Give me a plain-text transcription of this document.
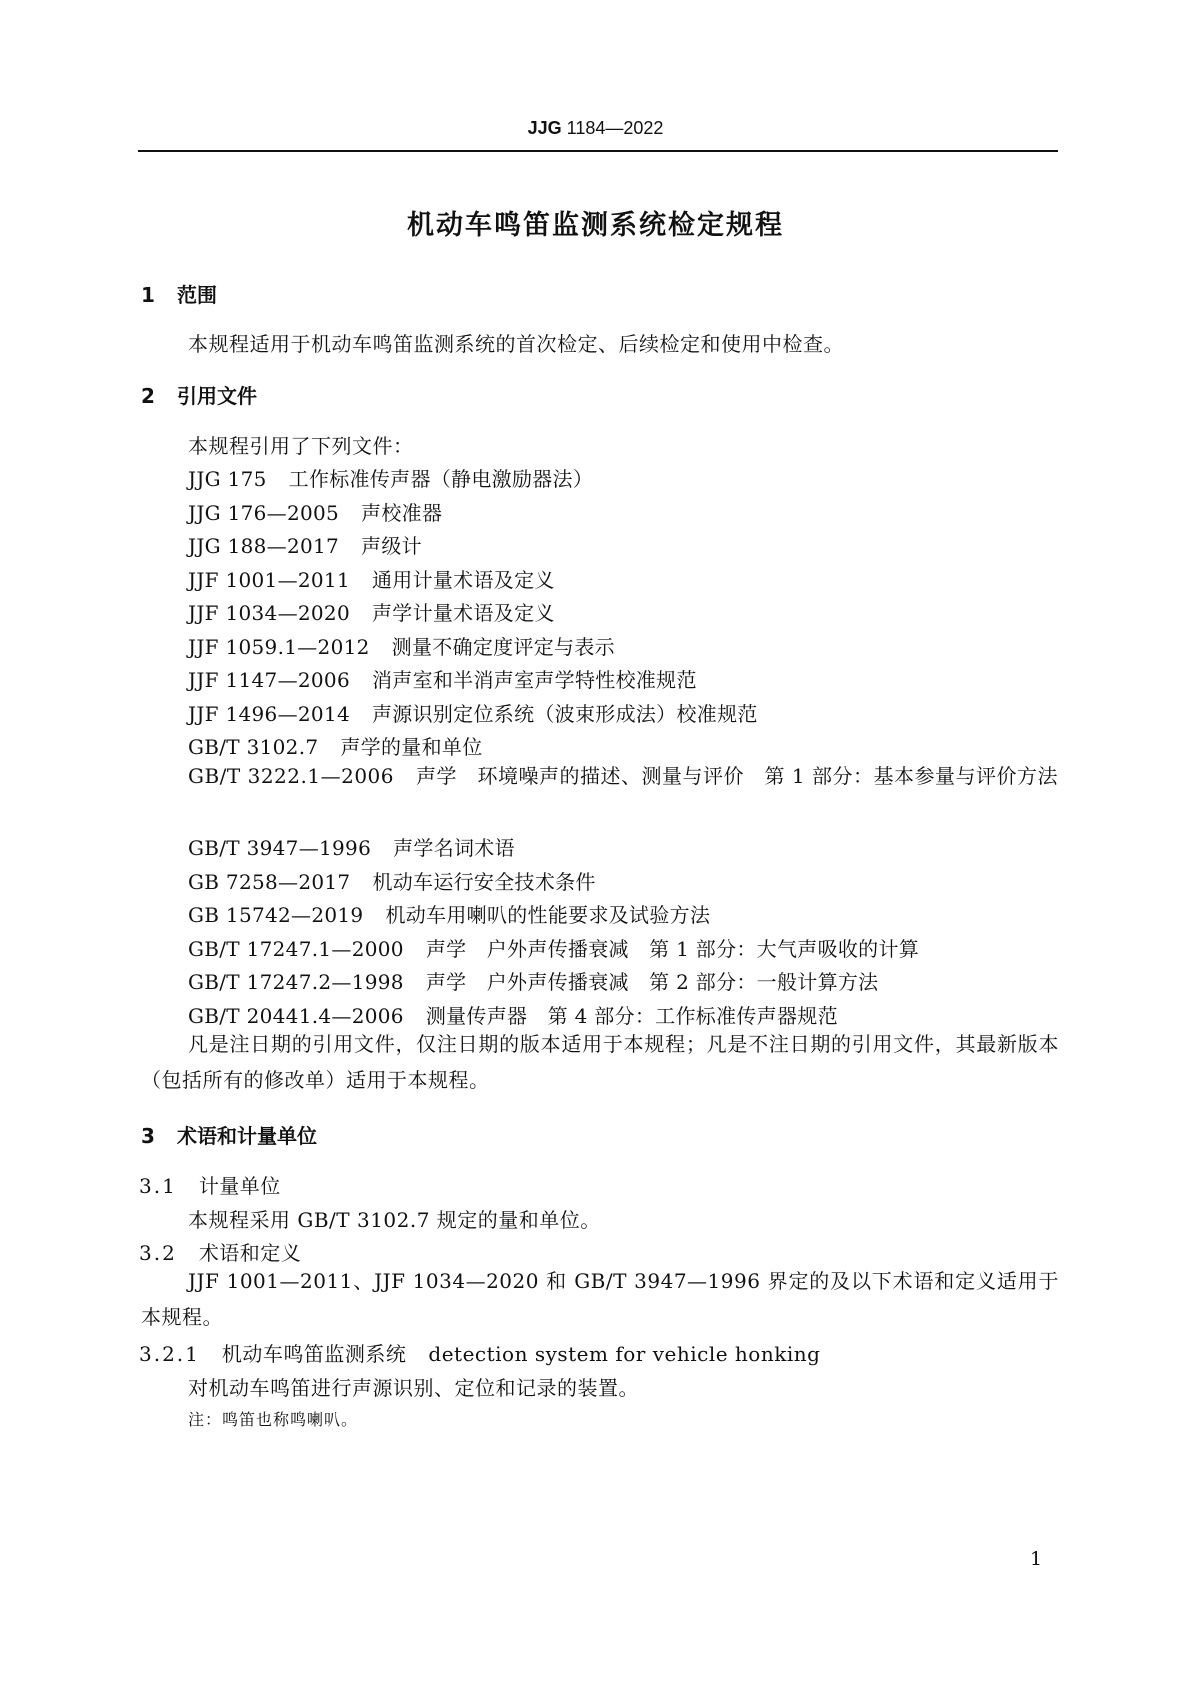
JJG 1184—2022
机动车鸣笛监测系统检定规程
1 范围
本规程适用于机动车鸣笛监测系统的首次检定、后续检定和使用中检查。
2 引用文件
本规程引用了下列文件：
JJG 175 工作标准传声器（静电激励器法）
JJG 176—2005 声校准器
JJG 188—2017 声级计
JJF 1001—2011 通用计量术语及定义
JJF 1034—2020 声学计量术语及定义
JJF 1059.1—2012 测量不确定度评定与表示
JJF 1147—2006 消声室和半消声室声学特性校准规范
JJF 1496—2014 声源识别定位系统（波束形成法）校准规范
GB/T 3102.7 声学的量和单位
GB/T 3222.1—2006 声学　环境噪声的描述、测量与评价　第 1 部分：基本参量与评价方法
GB/T 3947—1996 声学名词术语
GB 7258—2017 机动车运行安全技术条件
GB 15742—2019 机动车用喇叭的性能要求及试验方法
GB/T 17247.1—2000 声学　户外声传播衰减　第 1 部分：大气声吸收的计算
GB/T 17247.2—1998 声学　户外声传播衰减　第 2 部分：一般计算方法
GB/T 20441.4—2006 测量传声器　第 4 部分：工作标准传声器规范
凡是注日期的引用文件，仅注日期的版本适用于本规程；凡是不注日期的引用文件，其最新版本（包括所有的修改单）适用于本规程。
3 术语和计量单位
3.1 计量单位
本规程采用 GB/T 3102.7 规定的量和单位。
3.2 术语和定义
JJF 1001—2011、JJF 1034—2020 和 GB/T 3947—1996 界定的及以下术语和定义适用于本规程。
3.2.1 机动车鸣笛监测系统 detection system for vehicle honking
对机动车鸣笛进行声源识别、定位和记录的装置。
注：鸣笛也称鸣喇叭。
1
